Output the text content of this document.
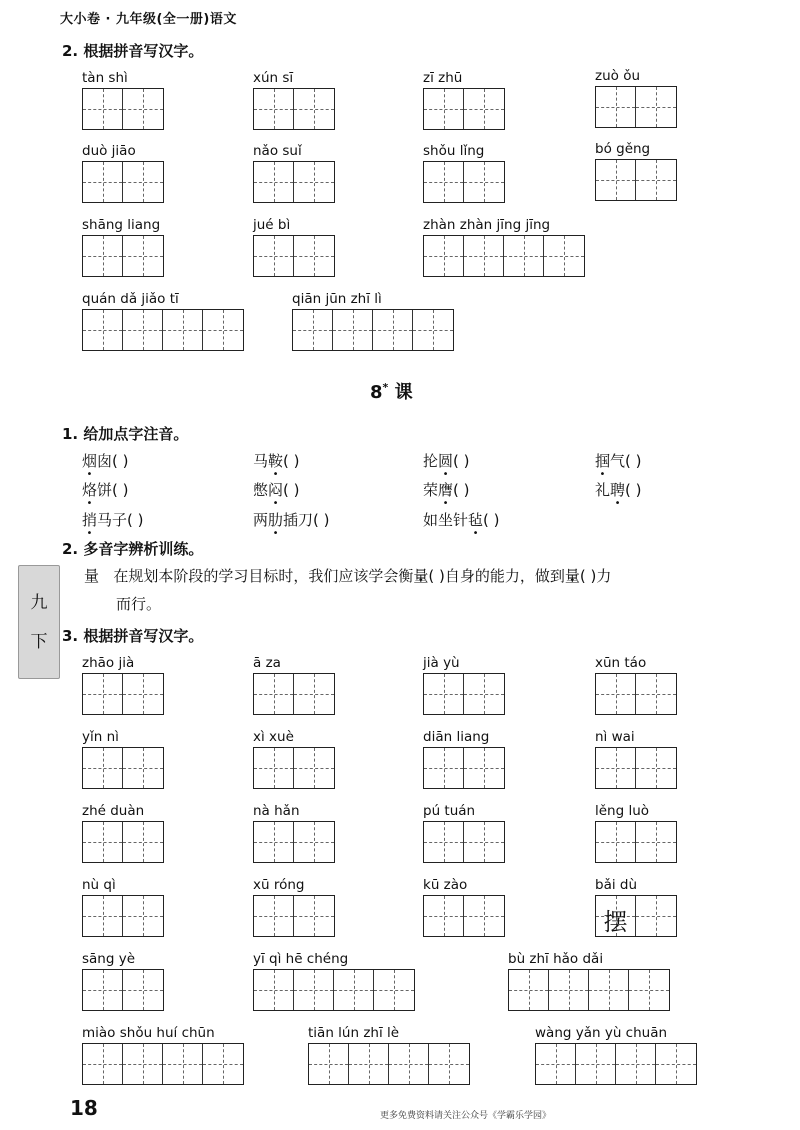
大小卷 · 九年级(全一册)语文
2. 根据拼音写汉字。
tàn shì	xún sī	zī zhū	zuò ǒu
duò jiāo	nǎo suǐ	shǒu lǐng	bó gěng
shāng liang	jué bì	zhàn zhàn jīng jīng
quán dǎ jiǎo tī	qiān jūn zhī lì
8* 课
1. 给加点字注音。
烟囱( )	马鞍( )	抡圆( )	掴气( )
烙饼( )	憋闷( )	荣膺( )	礼聘( )
捎马子( )	两肋插刀( )	如坐针毡( )
2. 多音字辨析训练。
量 在规划本阶段的学习目标时，我们应该学会衡量( )自身的能力，做到量( )力
而行。
九
下 3. 根据拼音写汉字。
zhāo jià	ā za	jià yù	xūn táo
yǐn nì	xì xuè	diān liang	nì wai
zhé duàn	nà hǎn	pú tuán	lěng luò
nù qì	xū róng	kū zào	bǎi dù
摆
sāng yè	yī qì hē chéng	bù zhī hǎo dǎi
miào shǒu huí chūn	tiān lún zhī lè	wàng yǎn yù chuān
18	更多免费资料请关注公众号《学霸乐学园》
